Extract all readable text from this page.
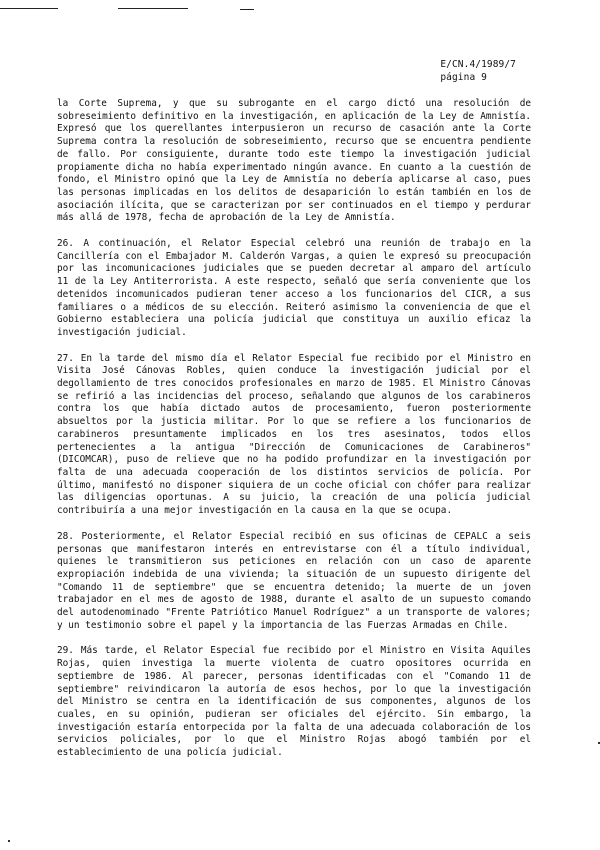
E/CN.4/1989/7
página 9

la Corte Suprema, y que su subrogante en el cargo dictó una resolución de sobreseimiento definitivo en la investigación, en aplicación de la Ley de Amnistía. Expresó que los querellantes interpusieron un recurso de casación ante la Corte Suprema contra la resolución de sobreseimiento, recurso que se encuentra pendiente de fallo. Por consiguiente, durante todo este tiempo la investigación judicial propiamente dicha no había experimentado ningún avance. En cuanto a la cuestión de fondo, el Ministro opinó que la Ley de Amnistía no debería aplicarse al caso, pues las personas implicadas en los delitos de desaparición lo están también en los de asociación ilícita, que se caracterizan por ser continuados en el tiempo y perdurar más allá de 1978, fecha de aprobación de la Ley de Amnistía.

26. A continuación, el Relator Especial celebró una reunión de trabajo en la Cancillería con el Embajador M. Calderón Vargas, a quien le expresó su preocupación por las incomunicaciones judiciales que se pueden decretar al amparo del artículo 11 de la Ley Antiterrorista. A este respecto, señaló que sería conveniente que los detenidos incomunicados pudieran tener acceso a los funcionarios del CICR, a sus familiares o a médicos de su elección. Reiteró asimismo la conveniencia de que el Gobierno estableciera una policía judicial que constituya un auxilio eficaz la investigación judicial.

27. En la tarde del mismo día el Relator Especial fue recibido por el Ministro en Visita José Cánovas Robles, quien conduce la investigación judicial por el degollamiento de tres conocidos profesionales en marzo de 1985. El Ministro Cánovas se refirió a las incidencias del proceso, señalando que algunos de los carabineros contra los que había dictado autos de procesamiento, fueron posteriormente absueltos por la justicia militar. Por lo que se refiere a los funcionarios de carabineros presuntamente implicados en los tres asesinatos, todos ellos pertenecientes a la antigua "Dirección de Comunicaciones de Carabineros" (DICOMCAR), puso de relieve que no ha podido profundizar en la investigación por falta de una adecuada cooperación de los distintos servicios de policía. Por último, manifestó no disponer siquiera de un coche oficial con chófer para realizar las diligencias oportunas. A su juicio, la creación de una policía judicial contribuiría a una mejor investigación en la causa en la que se ocupa.

28. Posteriormente, el Relator Especial recibió en sus oficinas de CEPALC a seis personas que manifestaron interés en entrevistarse con él a título individual, quienes le transmitieron sus peticiones en relación con un caso de aparente expropiación indebida de una vivienda; la situación de un supuesto dirigente del "Comando 11 de septiembre" que se encuentra detenido; la muerte de un joven trabajador en el mes de agosto de 1988, durante el asalto de un supuesto comando del autodenominado "Frente Patriótico Manuel Rodríguez" a un transporte de valores; y un testimonio sobre el papel y la importancia de las Fuerzas Armadas en Chile.

29. Más tarde, el Relator Especial fue recibido por el Ministro en Visita Aquiles Rojas, quien investiga la muerte violenta de cuatro opositores ocurrida en septiembre de 1986. Al parecer, personas identificadas con el "Comando 11 de septiembre" reivindicaron la autoría de esos hechos, por lo que la investigación del Ministro se centra en la identificación de sus componentes, algunos de los cuales, en su opinión, pudieran ser oficiales del ejército. Sin embargo, la investigación estaría entorpecida por la falta de una adecuada colaboración de los servicios policiales, por lo que el Ministro Rojas abogó también por el establecimiento de una policía judicial.
